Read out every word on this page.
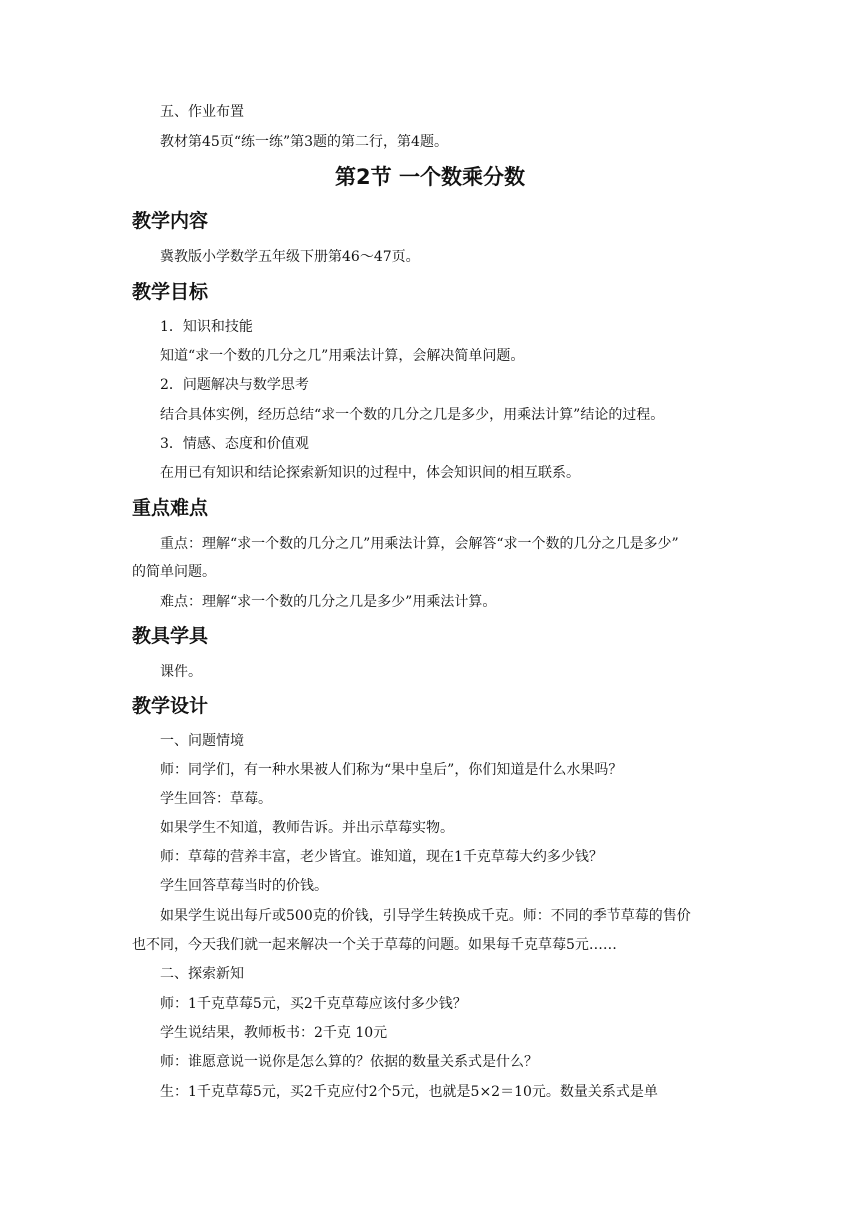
五、作业布置
教材第45页“练一练”第3题的第二行，第4题。
第2节 一个数乘分数
教学内容
冀教版小学数学五年级下册第46～47页。
教学目标
1．知识和技能
知道“求一个数的几分之几”用乘法计算，会解决简单问题。
2．问题解决与数学思考
结合具体实例，经历总结“求一个数的几分之几是多少，用乘法计算”结论的过程。
3．情感、态度和价值观
在用已有知识和结论探索新知识的过程中，体会知识间的相互联系。
重点难点
重点：理解“求一个数的几分之几”用乘法计算，会解答“求一个数的几分之几是多少”
的简单问题。
难点：理解“求一个数的几分之几是多少”用乘法计算。
教具学具
课件。
教学设计
一、问题情境
师：同学们，有一种水果被人们称为“果中皇后”，你们知道是什么水果吗？
学生回答：草莓。
如果学生不知道，教师告诉。并出示草莓实物。
师：草莓的营养丰富，老少皆宜。谁知道，现在1千克草莓大约多少钱？
学生回答草莓当时的价钱。
如果学生说出每斤或500克的价钱，引导学生转换成千克。师：不同的季节草莓的售价
也不同，今天我们就一起来解决一个关于草莓的问题。如果每千克草莓5元……
二、探索新知
师：1千克草莓5元，买2千克草莓应该付多少钱？
学生说结果，教师板书：2千克 10元
师：谁愿意说一说你是怎么算的？依据的数量关系式是什么？
生：1千克草莓5元，买2千克应付2个5元，也就是5×2＝10元。数量关系式是单
